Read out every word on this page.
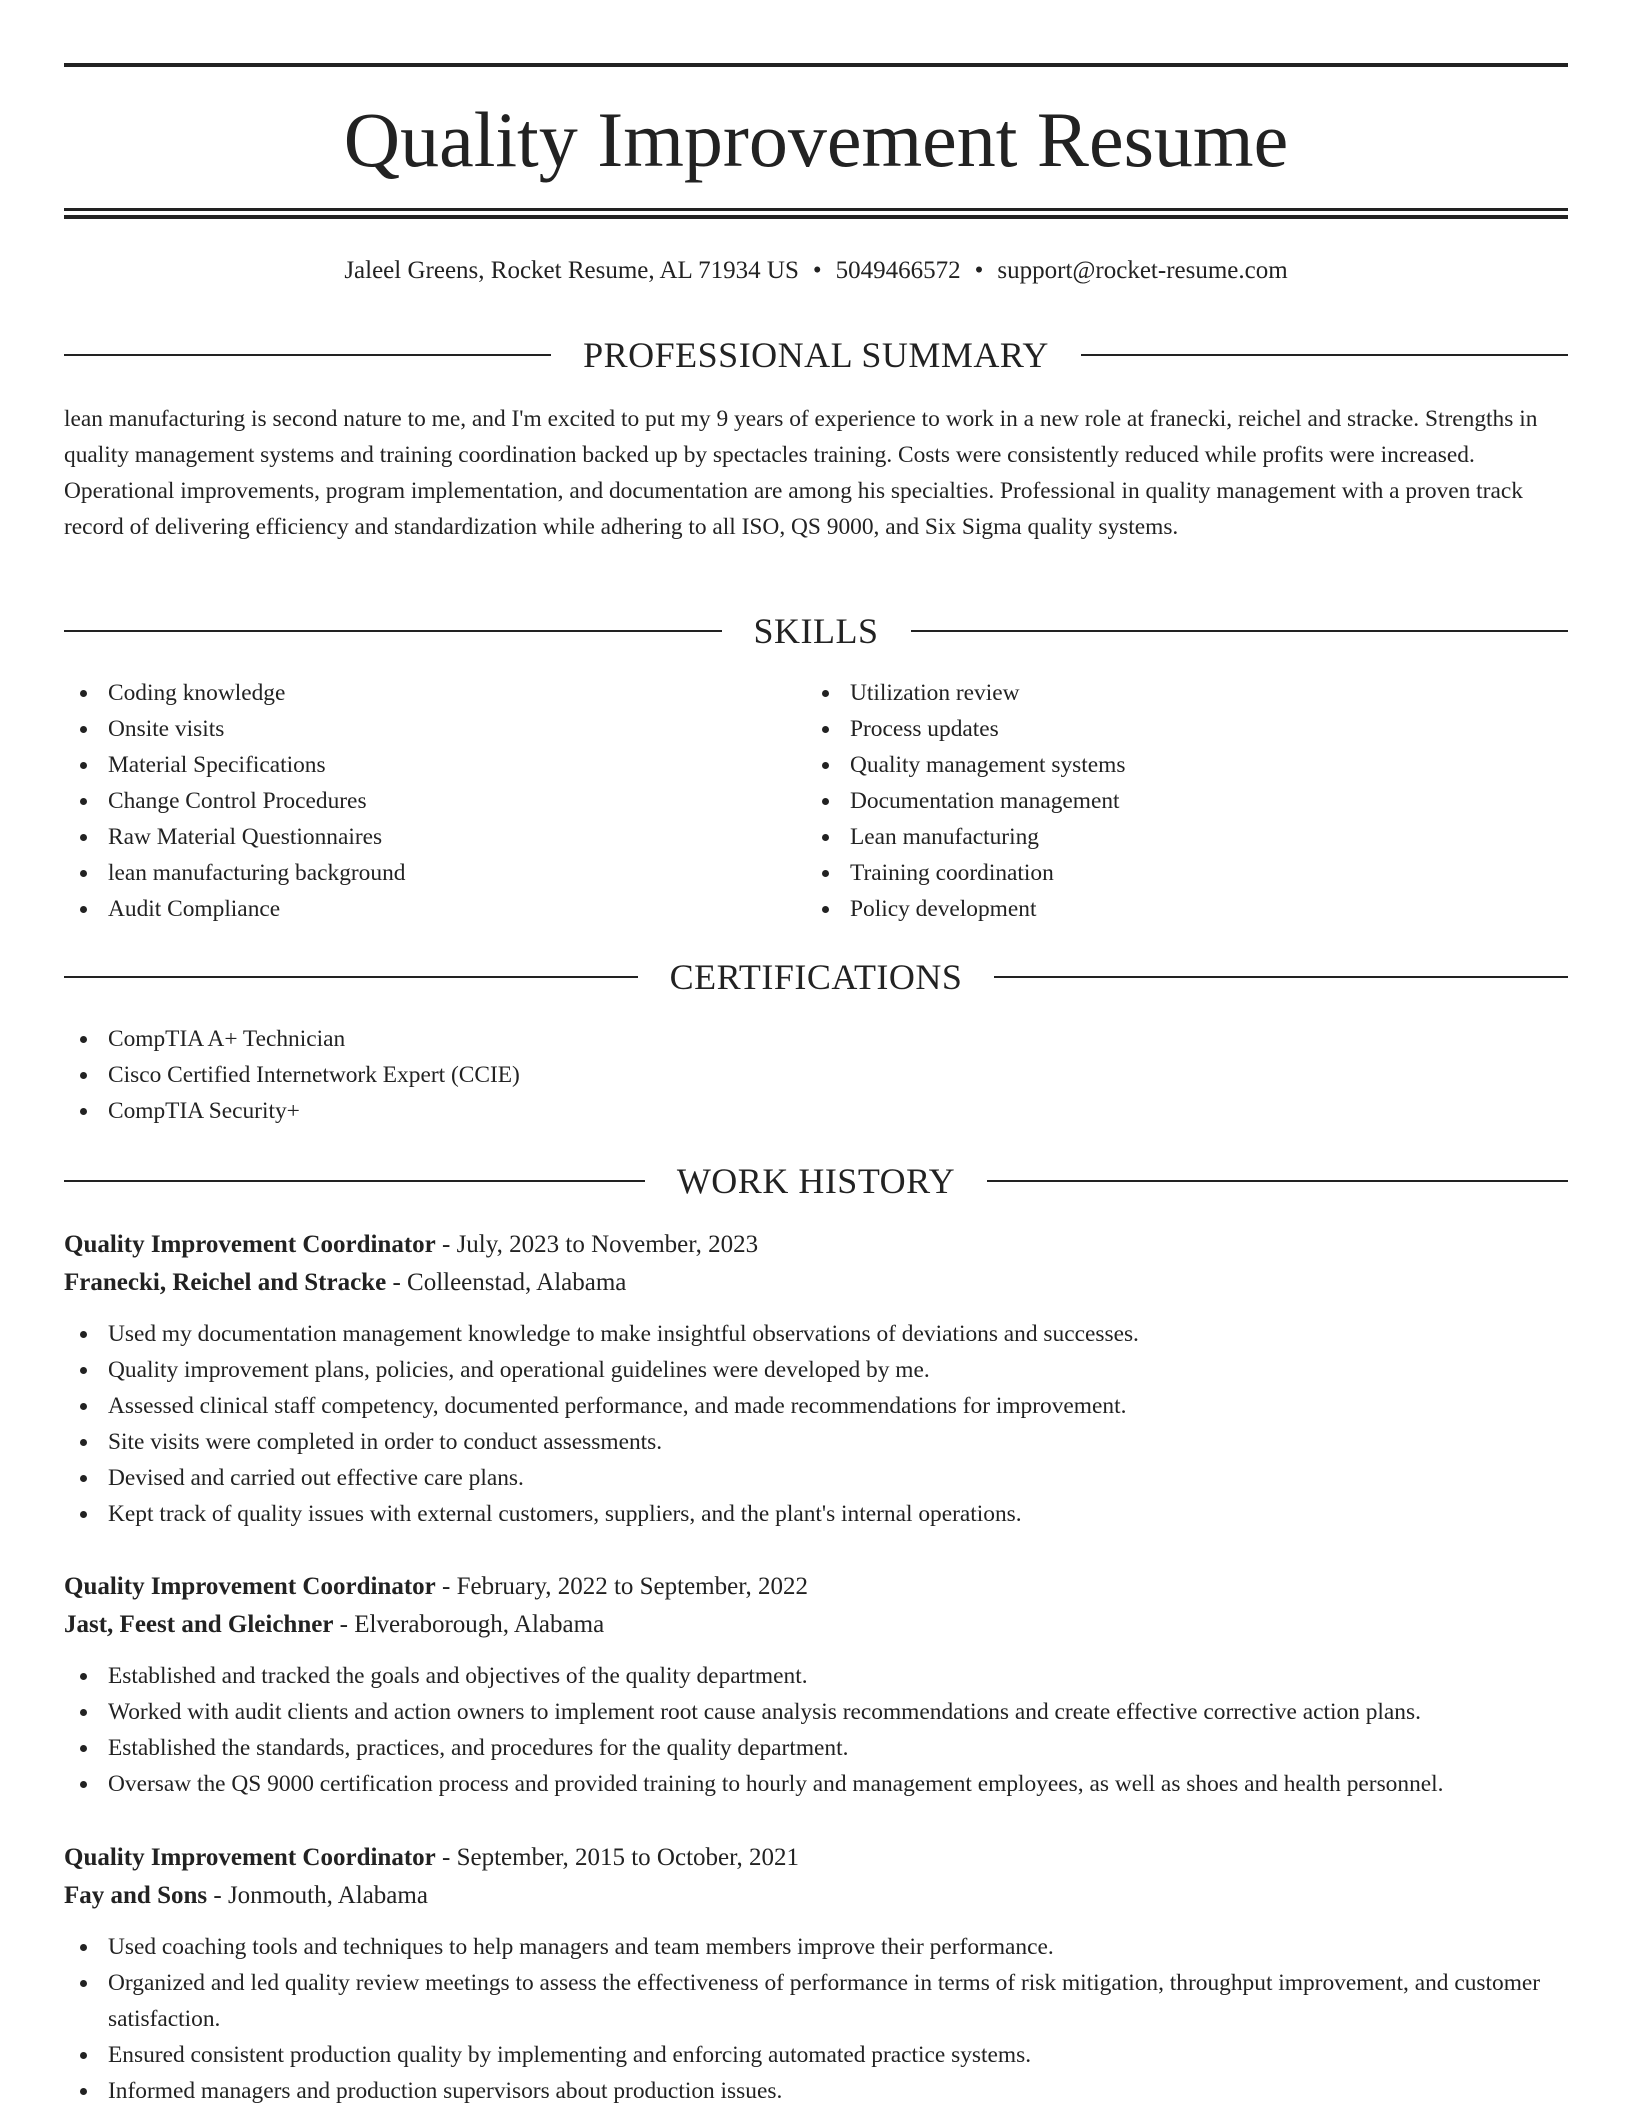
Quality Improvement Resume
Jaleel Greens, Rocket Resume, AL 71934 US • 5049466572 • support@rocket-resume.com
PROFESSIONAL SUMMARY

lean manufacturing is second nature to me, and I'm excited to put my 9 years of experience to work in a new role at franecki, reichel and stracke. Strengths in quality management systems and training coordination backed up by spectacles training. Costs were consistently reduced while profits were increased. Operational improvements, program implementation, and documentation are among his specialties. Professional in quality management with a proven track record of delivering efficiency and standardization while adhering to all ISO, QS 9000, and Six Sigma quality systems.

SKILLS
Coding knowledge
Onsite visits
Material Specifications
Change Control Procedures
Raw Material Questionnaires
lean manufacturing background
Audit Compliance
Utilization review
Process updates
Quality management systems
Documentation management
Lean manufacturing
Training coordination
Policy development
CERTIFICATIONS
CompTIA A+ Technician
Cisco Certified Internetwork Expert (CCIE)
CompTIA Security+
WORK HISTORY
Quality Improvement Coordinator - July, 2023 to November, 2023
Franecki, Reichel and Stracke - Colleenstad, Alabama
Used my documentation management knowledge to make insightful observations of deviations and successes.
Quality improvement plans, policies, and operational guidelines were developed by me.
Assessed clinical staff competency, documented performance, and made recommendations for improvement.
Site visits were completed in order to conduct assessments.
Devised and carried out effective care plans.
Kept track of quality issues with external customers, suppliers, and the plant's internal operations.
Quality Improvement Coordinator - February, 2022 to September, 2022
Jast, Feest and Gleichner - Elveraborough, Alabama
Established and tracked the goals and objectives of the quality department.
Worked with audit clients and action owners to implement root cause analysis recommendations and create effective corrective action plans.
Established the standards, practices, and procedures for the quality department.
Oversaw the QS 9000 certification process and provided training to hourly and management employees, as well as shoes and health personnel.
Quality Improvement Coordinator - September, 2015 to October, 2021
Fay and Sons - Jonmouth, Alabama
Used coaching tools and techniques to help managers and team members improve their performance.
Organized and led quality review meetings to assess the effectiveness of performance in terms of risk mitigation, throughput improvement, and customer satisfaction.
Ensured consistent production quality by implementing and enforcing automated practice systems.
Informed managers and production supervisors about production issues.
